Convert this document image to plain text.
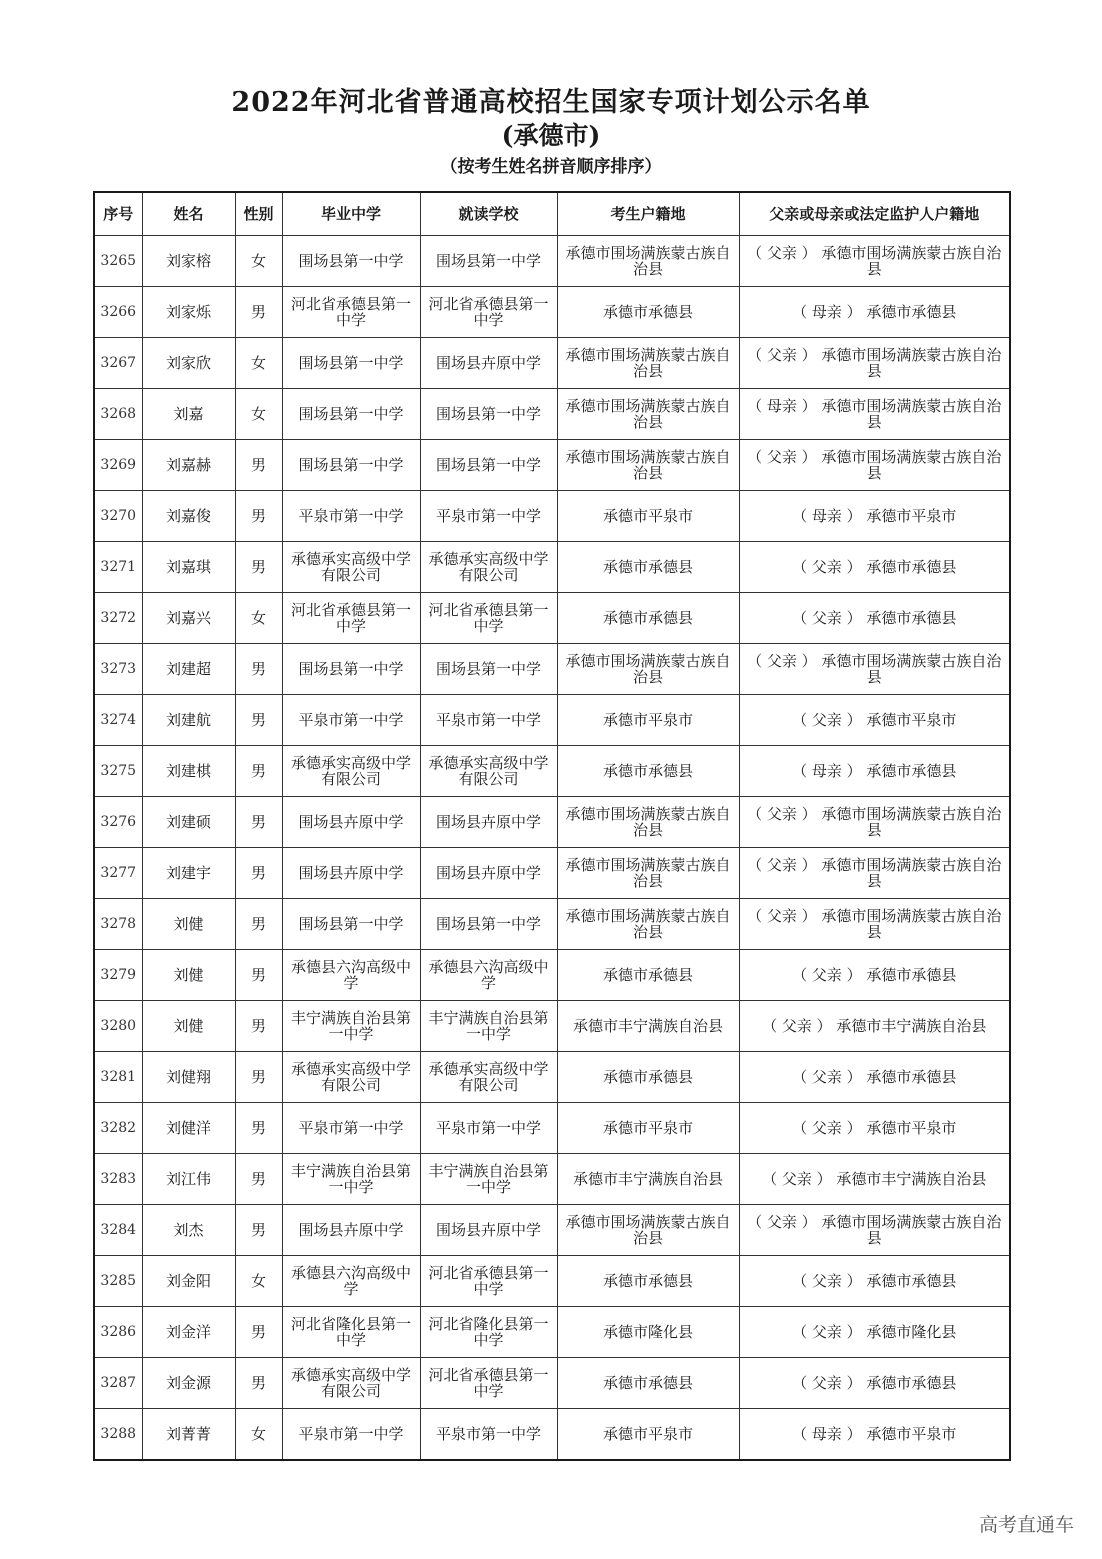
2022年河北省普通高校招生国家专项计划公示名单
(承德市)
（按考生姓名拼音顺序排序）
序号	姓名	性别	毕业中学	就读学校	考生户籍地	父亲或母亲或法定监护人户籍地
3265	刘家榕	女	围场县第一中学	围场县第一中学	承德市围场满族蒙古族自治县	（ 父亲 ） 承德市围场满族蒙古族自治县
3266	刘家烁	男	河北省承德县第一中学	河北省承德县第一中学	承德市承德县	（ 母亲 ） 承德市承德县
3267	刘家欣	女	围场县第一中学	围场县卉原中学	承德市围场满族蒙古族自治县	（ 父亲 ） 承德市围场满族蒙古族自治县
3268	刘嘉	女	围场县第一中学	围场县第一中学	承德市围场满族蒙古族自治县	（ 母亲 ） 承德市围场满族蒙古族自治县
3269	刘嘉赫	男	围场县第一中学	围场县第一中学	承德市围场满族蒙古族自治县	（ 父亲 ） 承德市围场满族蒙古族自治县
3270	刘嘉俊	男	平泉市第一中学	平泉市第一中学	承德市平泉市	（ 母亲 ） 承德市平泉市
3271	刘嘉琪	男	承德承实高级中学有限公司	承德承实高级中学有限公司	承德市承德县	（ 父亲 ） 承德市承德县
3272	刘嘉兴	女	河北省承德县第一中学	河北省承德县第一中学	承德市承德县	（ 父亲 ） 承德市承德县
3273	刘建超	男	围场县第一中学	围场县第一中学	承德市围场满族蒙古族自治县	（ 父亲 ） 承德市围场满族蒙古族自治县
3274	刘建航	男	平泉市第一中学	平泉市第一中学	承德市平泉市	（ 父亲 ） 承德市平泉市
3275	刘建棋	男	承德承实高级中学有限公司	承德承实高级中学有限公司	承德市承德县	（ 母亲 ） 承德市承德县
3276	刘建硕	男	围场县卉原中学	围场县卉原中学	承德市围场满族蒙古族自治县	（ 父亲 ） 承德市围场满族蒙古族自治县
3277	刘建宇	男	围场县卉原中学	围场县卉原中学	承德市围场满族蒙古族自治县	（ 父亲 ） 承德市围场满族蒙古族自治县
3278	刘健	男	围场县第一中学	围场县第一中学	承德市围场满族蒙古族自治县	（ 父亲 ） 承德市围场满族蒙古族自治县
3279	刘健	男	承德县六沟高级中学	承德县六沟高级中学	承德市承德县	（ 父亲 ） 承德市承德县
3280	刘健	男	丰宁满族自治县第一中学	丰宁满族自治县第一中学	承德市丰宁满族自治县	（ 父亲 ） 承德市丰宁满族自治县
3281	刘健翔	男	承德承实高级中学有限公司	承德承实高级中学有限公司	承德市承德县	（ 父亲 ） 承德市承德县
3282	刘健洋	男	平泉市第一中学	平泉市第一中学	承德市平泉市	（ 父亲 ） 承德市平泉市
3283	刘江伟	男	丰宁满族自治县第一中学	丰宁满族自治县第一中学	承德市丰宁满族自治县	（ 父亲 ） 承德市丰宁满族自治县
3284	刘杰	男	围场县卉原中学	围场县卉原中学	承德市围场满族蒙古族自治县	（ 父亲 ） 承德市围场满族蒙古族自治县
3285	刘金阳	女	承德县六沟高级中学	河北省承德县第一中学	承德市承德县	（ 父亲 ） 承德市承德县
3286	刘金洋	男	河北省隆化县第一中学	河北省隆化县第一中学	承德市隆化县	（ 父亲 ） 承德市隆化县
3287	刘金源	男	承德承实高级中学有限公司	河北省承德县第一中学	承德市承德县	（ 父亲 ） 承德市承德县
3288	刘菁菁	女	平泉市第一中学	平泉市第一中学	承德市平泉市	（ 母亲 ） 承德市平泉市
高考直通车
